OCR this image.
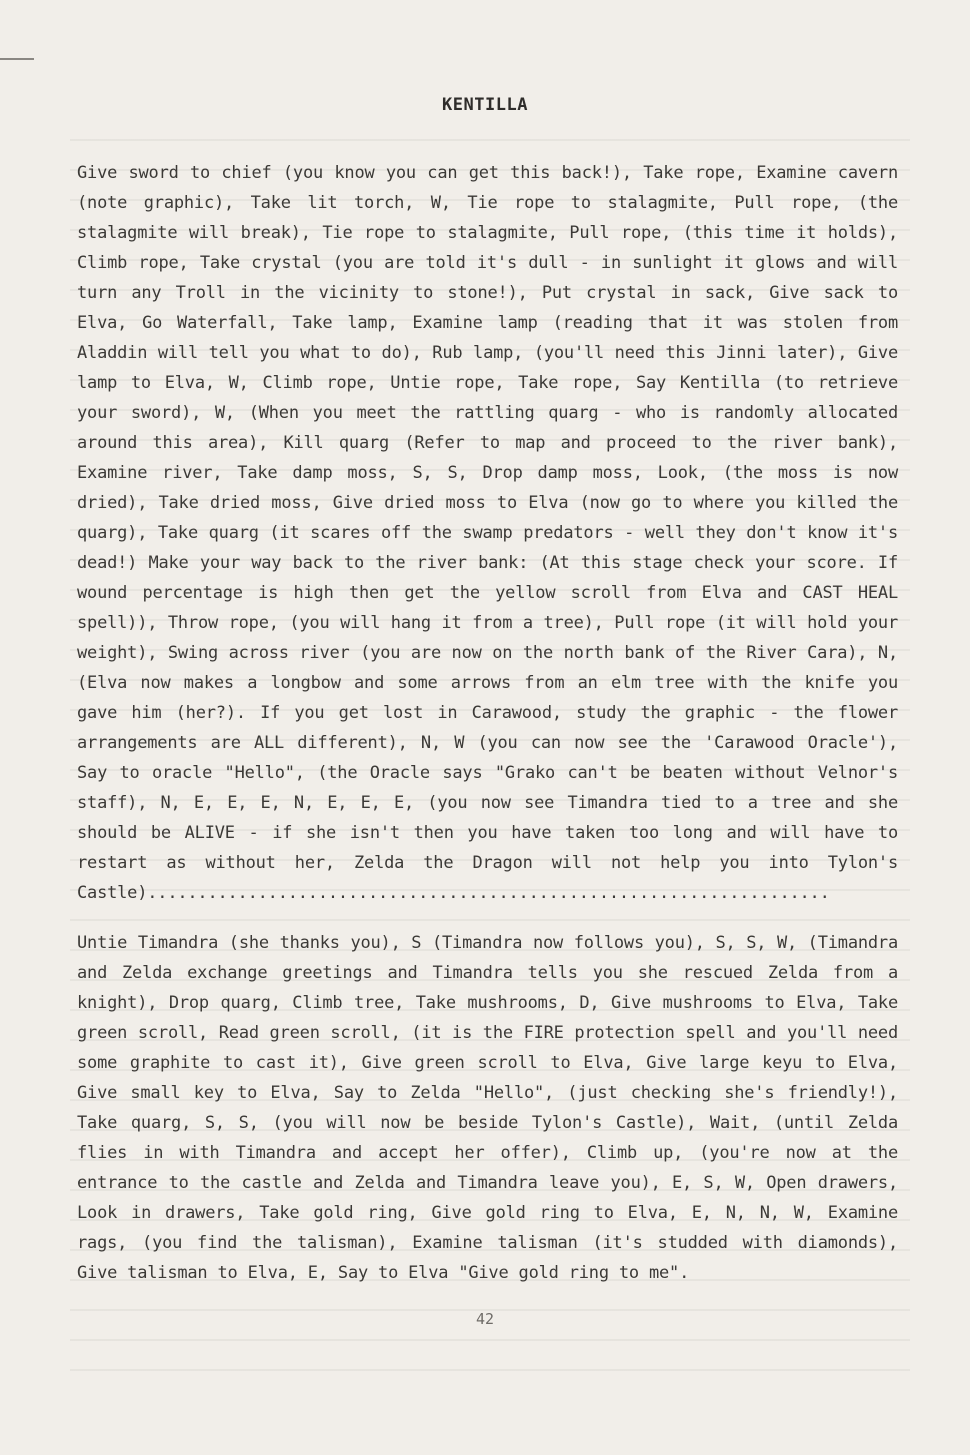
KENTILLA

Give sword to chief (you know you can get this back!), Take rope, Examine cavern (note graphic), Take lit torch, W, Tie rope to stalagmite, Pull rope, (the stalagmite will break), Tie rope to stalagmite, Pull rope, (this time it holds), Climb rope, Take crystal (you are told it's dull - in sunlight it glows and will turn any Troll in the vicinity to stone!), Put crystal in sack, Give sack to Elva, Go Waterfall, Take lamp, Examine lamp (reading that it was stolen from Aladdin will tell you what to do), Rub lamp, (you'll need this Jinni later), Give lamp to Elva, W, Climb rope, Untie rope, Take rope, Say Kentilla (to retrieve your sword), W, (When you meet the rattling quarg - who is randomly allocated around this area), Kill quarg (Refer to map and proceed to the river bank), Examine river, Take damp moss, S, S, Drop damp moss, Look, (the moss is now dried), Take dried moss, Give dried moss to Elva (now go to where you killed the quarg), Take quarg (it scares off the swamp predators - well they don't know it's dead!) Make your way back to the river bank: (At this stage check your score. If wound percentage is high then get the yellow scroll from Elva and CAST HEAL spell)), Throw rope, (you will hang it from a tree), Pull rope (it will hold your weight), Swing across river (you are now on the north bank of the River Cara), N, (Elva now makes a longbow and some arrows from an elm tree with the knife you gave him (her?). If you get lost in Carawood, study the graphic - the flower arrangements are ALL different), N, W (you can now see the 'Carawood Oracle'), Say to oracle "Hello", (the Oracle says "Grako can't be beaten without Velnor's staff), N, E, E, E, N, E, E, E, (you now see Timandra tied to a tree and she should be ALIVE - if she isn't then you have taken too long and will have to restart as without her, Zelda the Dragon will not help you into Tylon's Castle)....................................................................

Untie Timandra (she thanks you), S (Timandra now follows you), S, S, W, (Timandra and Zelda exchange greetings and Timandra tells you she rescued Zelda from a knight), Drop quarg, Climb tree, Take mushrooms, D, Give mushrooms to Elva, Take green scroll, Read green scroll, (it is the FIRE protection spell and you'll need some graphite to cast it), Give green scroll to Elva, Give large keyu to Elva, Give small key to Elva, Say to Zelda "Hello", (just checking she's friendly!), Take quarg, S, S, (you will now be beside Tylon's Castle), Wait, (until Zelda flies in with Timandra and accept her offer), Climb up, (you're now at the entrance to the castle and Zelda and Timandra leave you), E, S, W, Open drawers, Look in drawers, Take gold ring, Give gold ring to Elva, E, N, N, W, Examine rags, (you find the talisman), Examine talisman (it's studded with diamonds), Give talisman to Elva, E, Say to Elva "Give gold ring to me".

42
